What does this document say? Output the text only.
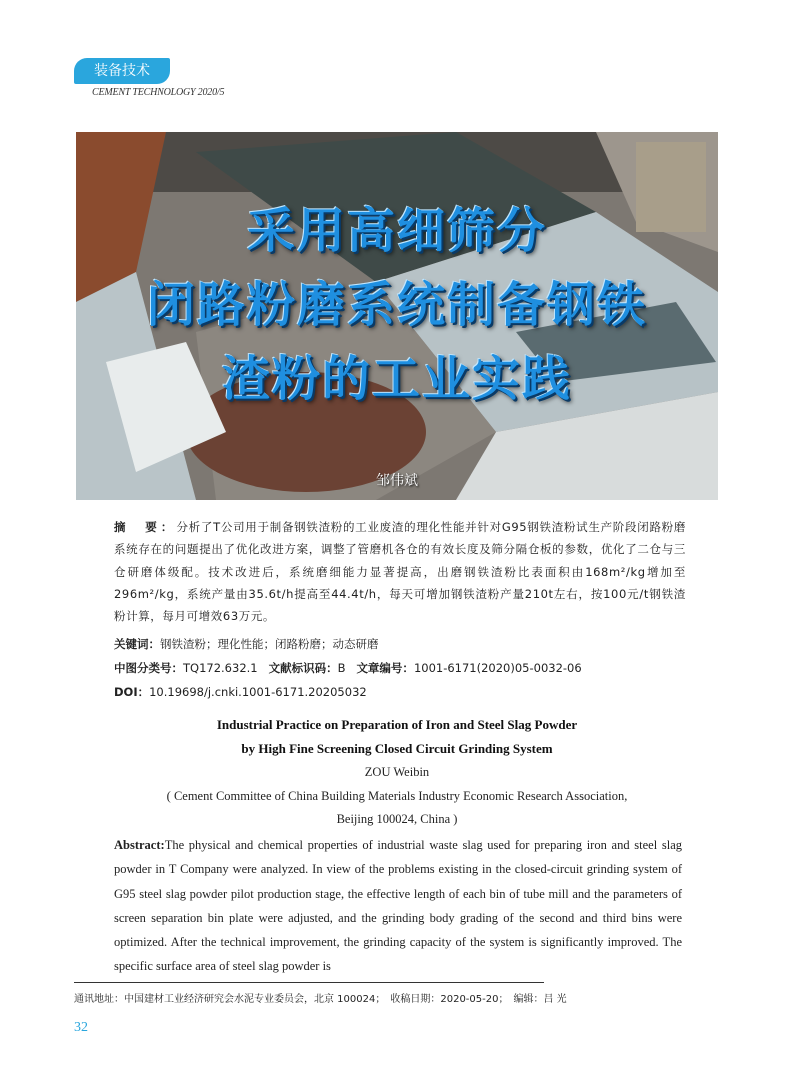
装备技术
CEMENT TECHNOLOGY 2020/5
采用高细筛分
闭路粉磨系统制备钢铁
渣粉的工业实践
邹伟斌
摘　要：分析了T公司用于制备钢铁渣粉的工业废渣的理化性能并针对G95钢铁渣粉试生产阶段闭路粉磨系统存在的问题提出了优化改进方案，调整了管磨机各仓的有效长度及筛分隔仓板的参数，优化了二仓与三仓研磨体级配。技术改进后，系统磨细能力显著提高，出磨钢铁渣粉比表面积由168m²/kg增加至296m²/kg，系统产量由35.6t/h提高至44.4t/h，每天可增加钢铁渣粉产量210t左右，按100元/t钢铁渣粉计算，每月可增效63万元。
关键词：钢铁渣粉；理化性能；闭路粉磨；动态研磨
中图分类号：TQ172.632.1 文献标识码：B 文章编号：1001-6171(2020)05-0032-06
DOI：10.19698/j.cnki.1001-6171.20205032
Industrial Practice on Preparation of Iron and Steel Slag Powder
by High Fine Screening Closed Circuit Grinding System
ZOU Weibin
( Cement Committee of China Building Materials Industry Economic Research Association,
Beijing 100024, China )
Abstract:The physical and chemical properties of industrial waste slag used for preparing iron and steel slag powder in T Company were analyzed. In view of the problems existing in the closed-circuit grinding system of G95 steel slag powder pilot production stage, the effective length of each bin of tube mill and the parameters of screen separation bin plate were adjusted, and the grinding body grading of the second and third bins were optimized. After the technical improvement, the grinding capacity of the system is significantly improved. The specific surface area of steel slag powder is
通讯地址：中国建材工业经济研究会水泥专业委员会，北京 100024；　收稿日期：2020-05-20；　编辑：吕 光
32
